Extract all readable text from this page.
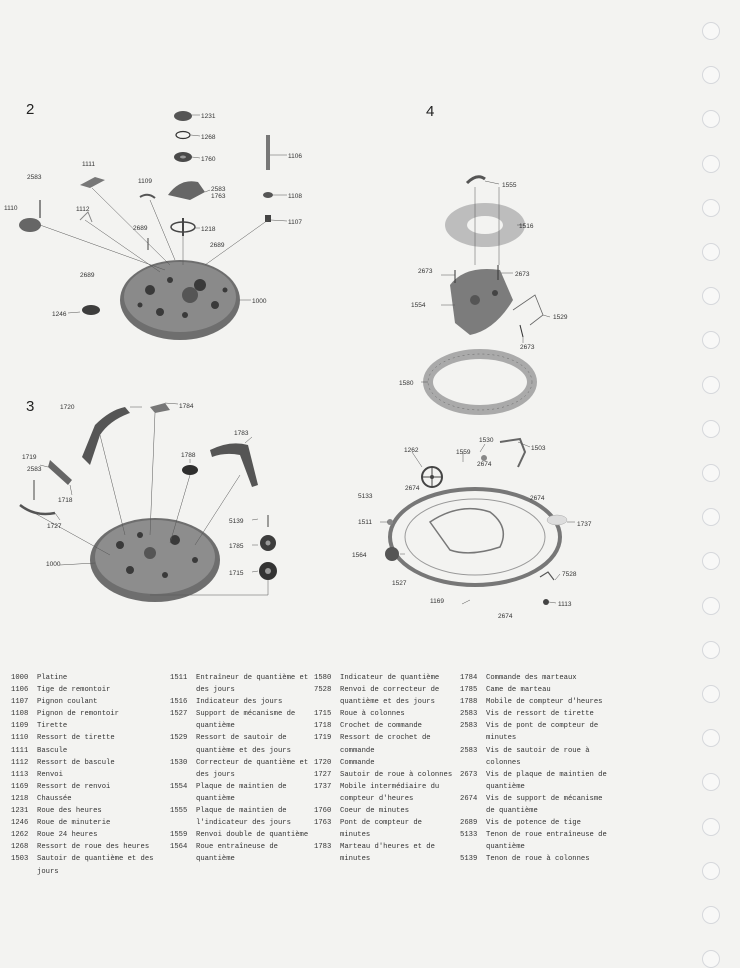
2
3
4
1231
1268
1760	1106
2583
1763	1108
1111
2583
1109
1110	1112
2689	1218
1107
2689
2689
1000
1246
1720	1784
1783
1719
2583
1788
1718
1727
5139
1785
1000
1715
1555
1516
2673	2673
1554
1529
2673
1580
1530
1503
1262	1559
2674
2674
2674
5133
1511	1737
1564
1527
7528
1169	1113
2674
1000	Platine
1106	Tige de remontoir
1107	Pignon coulant
1108	Pignon de remontoir
1109	Tirette
1110	Ressort de tirette
1111	Bascule
1112	Ressort de bascule
1113	Renvoi
1169	Ressort de renvoi
1218	Chaussée
1231	Roue des heures
1246	Roue de minuterie
1262	Roue 24 heures
1268	Ressort de roue des heures
1503	Sautoir de quantième et des jours
1511	Entraîneur de quantième et des jours
1516	Indicateur des jours
1527	Support de mécanisme de quantième
1529	Ressort de sautoir de quantième et des jours
1530	Correcteur de quantième et des jours
1554	Plaque de maintien de quantième
1555	Plaque de maintien de l'indicateur des jours
1559	Renvoi double de quantième
1564	Roue entraîneuse de quantième
1580	Indicateur de quantième
7528	Renvoi de correcteur de quantième et des jours
1715	Roue à colonnes
1718	Crochet de commande
1719	Ressort de crochet de commande
1720	Commande
1727	Sautoir de roue à colonnes
1737	Mobile intermédiaire du compteur d'heures
1760	Coeur de minutes
1763	Pont de compteur de minutes
1783	Marteau d'heures et de minutes
1784	Commande des marteaux
1785	Came de marteau
1788	Mobile de compteur d'heures
2583	Vis de ressort de tirette
2583	Vis de pont de compteur de minutes
2583	Vis de sautoir de roue à colonnes
2673	Vis de plaque de maintien de quantième
2674	Vis de support de mécanisme de quantième
2689	Vis de potence de tige
5133	Tenon de roue entraîneuse de quantième
5139	Tenon de roue à colonnes
